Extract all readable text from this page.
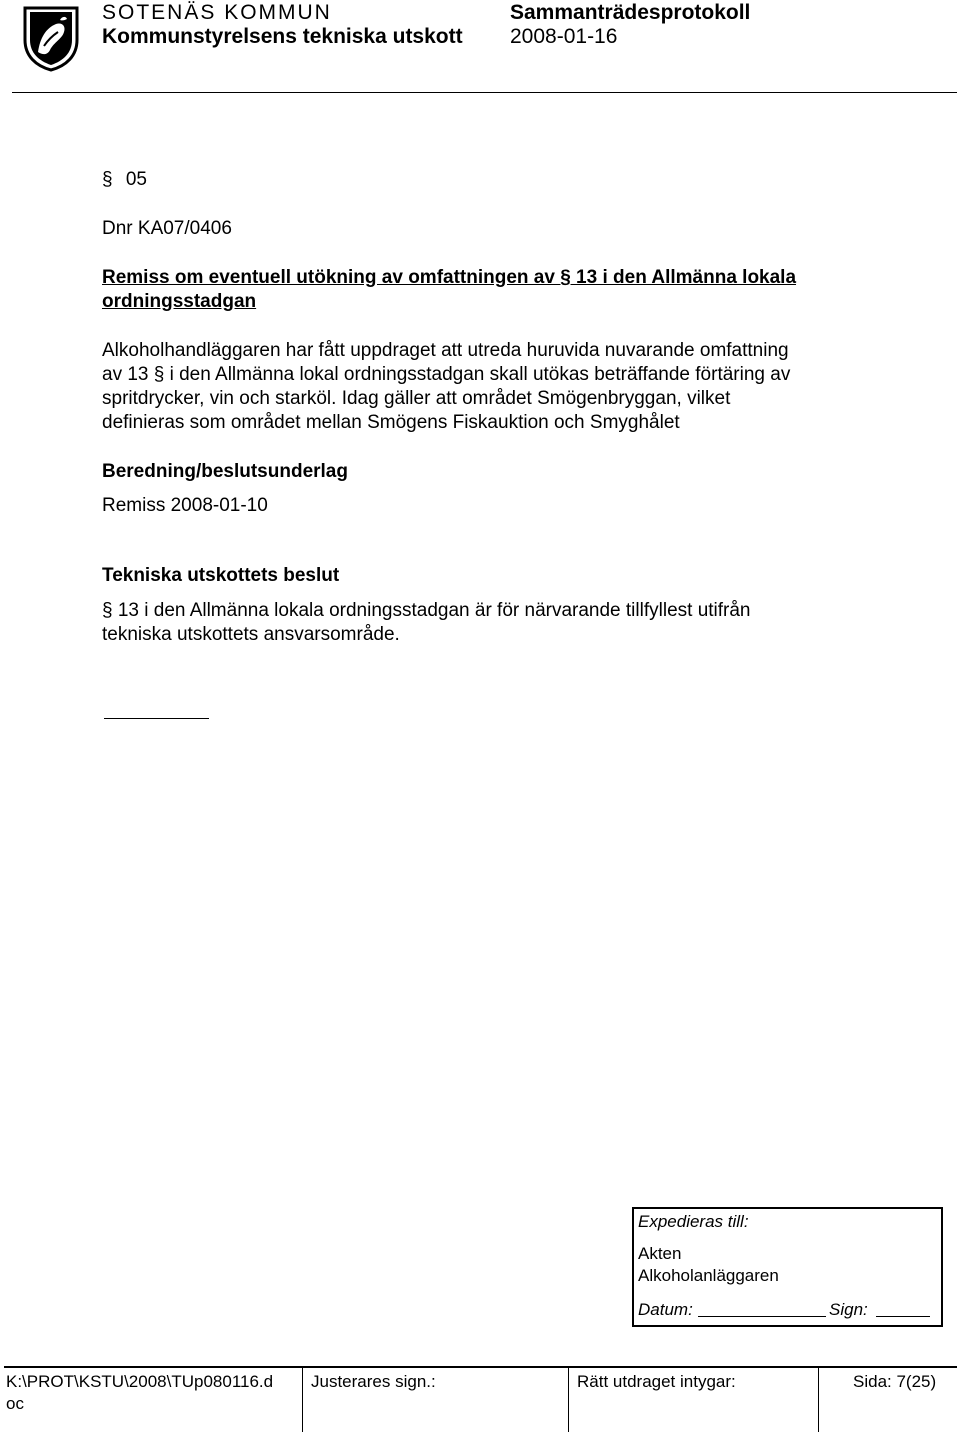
SOTENÄS KOMMUN
Kommunstyrelsens tekniska utskott
Sammanträdesprotokoll
2008-01-16
§ 05
Dnr KA07/0406
Remiss om eventuell utökning av omfattningen av § 13 i den Allmänna lokala
ordningsstadgan
Alkoholhandläggaren har fått uppdraget att utreda huruvida nuvarande omfattning
av 13 § i den Allmänna lokal ordningsstadgan skall utökas beträffande förtäring av
spritdrycker, vin och starköl. Idag gäller att området Smögenbryggan, vilket
definieras som området mellan Smögens Fiskauktion och Smyghålet
Beredning/beslutsunderlag
Remiss 2008-01-10
Tekniska utskottets beslut
§ 13 i den Allmänna lokala ordningsstadgan är för närvarande tillfyllest utifrån
tekniska utskottets ansvarsområde.
Expedieras till:
Akten
Alkoholanläggaren
Datum:	Sign:
K:\PROT\KSTU\2008\TUp080116.d
oc
Justerares sign.:	Rätt utdraget intygar:	Sida: 7(25)
